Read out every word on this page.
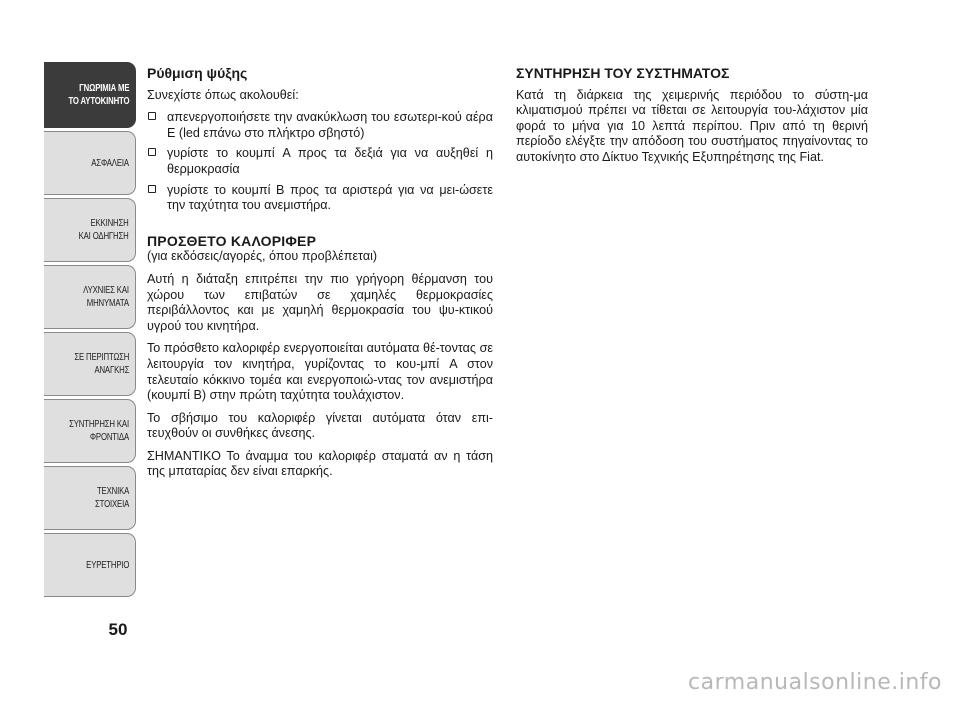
ΓΝΩΡΙΜΙΑ ΜΕ
ΤΟ ΑΥΤΟΚΙΝΗΤΟ
ΑΣΦΑΛΕΙΑ
ΕΚΚΙΝΗΣΗ
ΚΑΙ ΟΔΗΓΗΣΗ
ΛΥΧΝΙΕΣ ΚΑΙ
ΜΗΝΥΜΑΤΑ
ΣΕ ΠΕΡΙΠΤΩΣΗ
ΑΝΑΓΚΗΣ
ΣΥΝΤΗΡΗΣΗ ΚΑΙ
ΦΡΟΝΤΙΔΑ
ΤΕΧΝΙΚΑ
ΣΤΟΙΧΕΙΑ
ΕΥΡΕΤΗΡΙΟ
50
Ρύθμιση ψύξης

Συνεχίστε όπως ακολουθεί:

απενεργοποιήσετε την ανακύκλωση του εσωτερι-κού αέρα E (led επάνω στο πλήκτρο σβηστό)
γυρίστε το κουμπί A προς τα δεξιά για να αυξηθεί η θερμοκρασία
γυρίστε το κουμπί B προς τα αριστερά για να μει-ώσετε την ταχύτητα του ανεμιστήρα.
ΠΡΟΣΘΕΤΟ ΚΑΛΟΡΙΦΕΡ

(για εκδόσεις/αγορές, όπου προβλέπεται)

Αυτή η διάταξη επιτρέπει την πιο γρήγορη θέρμανση του χώρου των επιβατών σε χαμηλές θερμοκρασίες περιβάλλοντος και με χαμηλή θερμοκρασία του ψυ-κτικού υγρού του κινητήρα.

Το πρόσθετο καλοριφέρ ενεργοποιείται αυτόματα θέ-τοντας σε λειτουργία τον κινητήρα, γυρίζοντας το κου-μπί A στον τελευταίο κόκκινο τομέα και ενεργοποιώ-ντας τον ανεμιστήρα (κουμπί B) στην πρώτη ταχύτητα τουλάχιστον.

Το σβήσιμο του καλοριφέρ γίνεται αυτόματα όταν επι-τευχθούν οι συνθήκες άνεσης.

ΣΗΜΑΝΤΙΚΟ Το άναμμα του καλοριφέρ σταματά αν η τάση της μπαταρίας δεν είναι επαρκής.

ΣΥΝΤΗΡΗΣΗ ΤΟΥ ΣΥΣΤΗΜΑΤΟΣ

Κατά τη διάρκεια της χειμερινής περιόδου το σύστη-μα κλιματισμού πρέπει να τίθεται σε λειτουργία του-λάχιστον μία φορά το μήνα για 10 λεπτά περίπου. Πριν από τη θερινή περίοδο ελέγξτε την απόδοση του συστήματος πηγαίνοντας το αυτοκίνητο στο Δίκτυο Τεχνικής Εξυπηρέτησης της Fiat.

carmanualsonline.info
